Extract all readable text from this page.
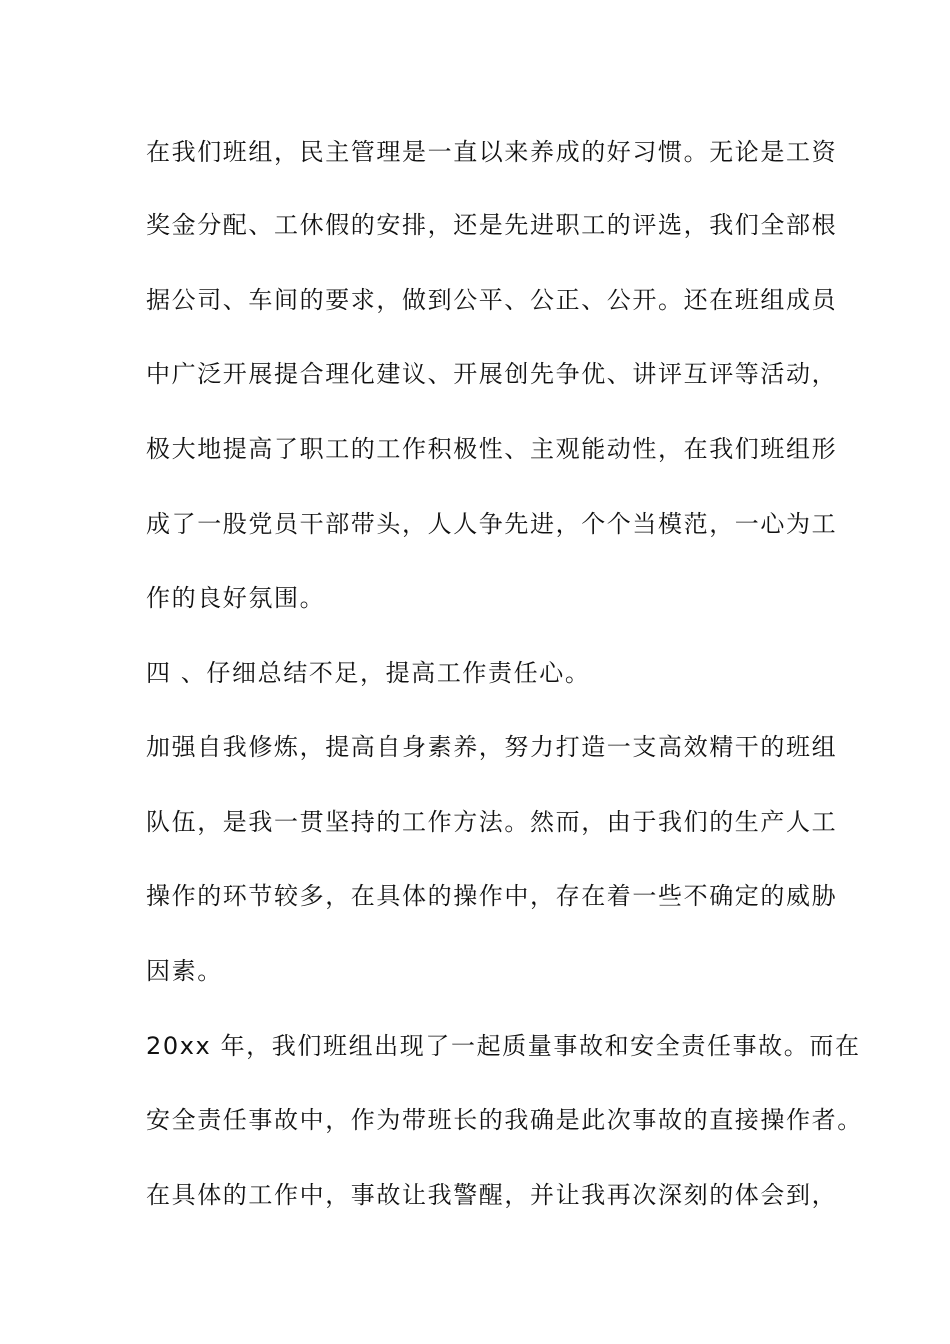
在我们班组，民主管理是一直以来养成的好习惯。无论是工资
奖金分配、工休假的安排，还是先进职工的评选，我们全部根
据公司、车间的要求，做到公平、公正、公开。还在班组成员
中广泛开展提合理化建议、开展创先争优、讲评互评等活动，
极大地提高了职工的工作积极性、主观能动性，在我们班组形
成了一股党员干部带头，人人争先进，个个当模范，一心为工
作的良好氛围。
四 、仔细总结不足，提高工作责任心。
加强自我修炼，提高自身素养，努力打造一支高效精干的班组
队伍，是我一贯坚持的工作方法。然而，由于我们的生产人工
操作的环节较多，在具体的操作中，存在着一些不确定的威胁
因素。
20xx 年，我们班组出现了一起质量事故和安全责任事故。而在
安全责任事故中，作为带班长的我确是此次事故的直接操作者。
在具体的工作中，事故让我警醒，并让我再次深刻的体会到，
